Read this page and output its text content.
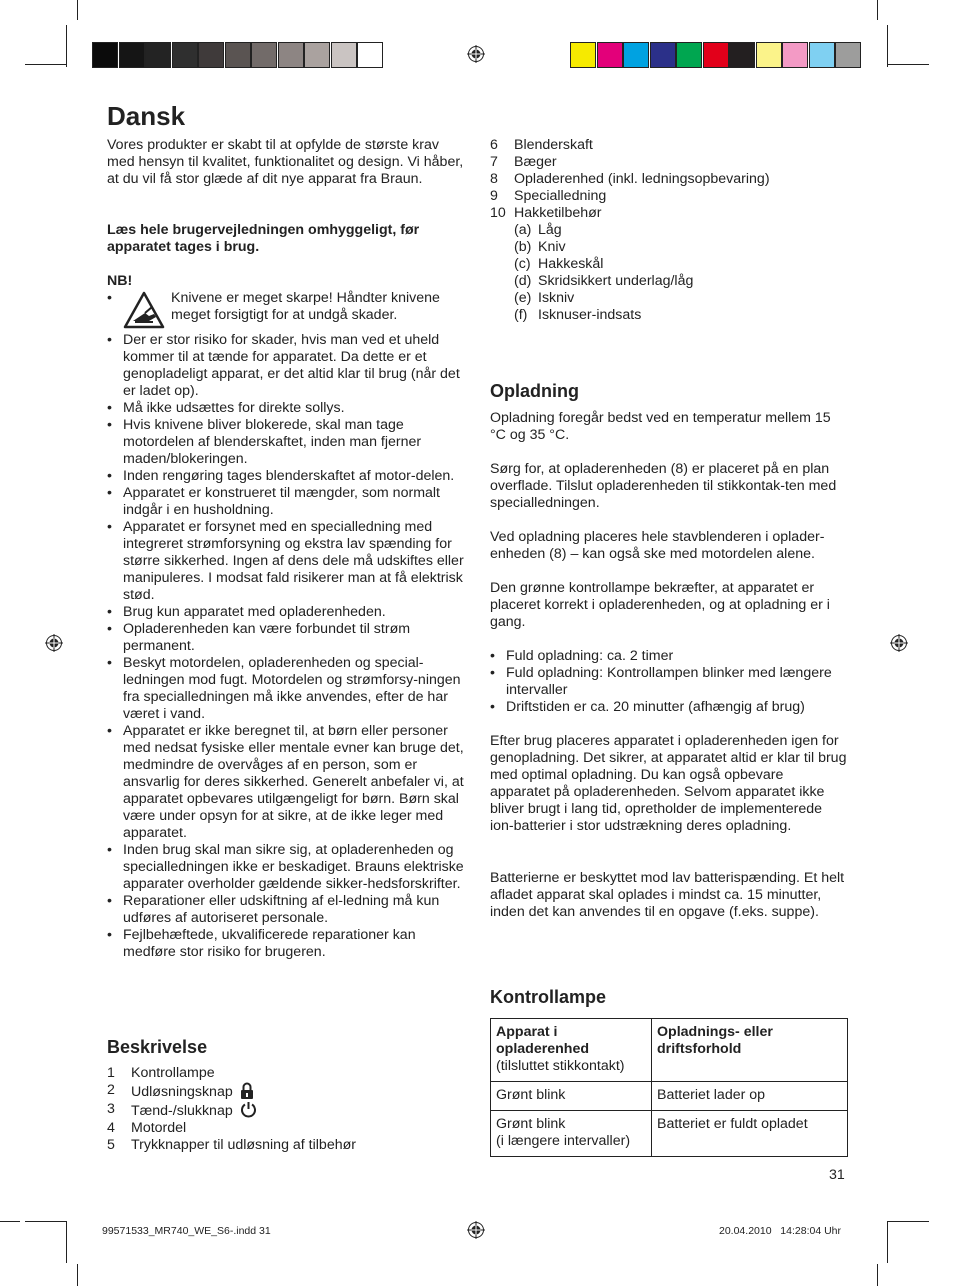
Dansk

Vores produkter er skabt til at opfylde de største krav med hensyn til kvalitet, funktionalitet og design. Vi håber, at du vil få stor glæde af dit nye apparat fra Braun.

Læs hele brugervejledningen omhyggeligt, før apparatet tages i brug.

NB!

•	Knivene er meget skarpe! Håndter knivene meget forsigtigt for at undgå skader.

• Der er stor risiko for skader, hvis man ved et uheld kommer til at tænde for apparatet. Da dette er et genopladeligt apparat, er det altid klar til brug (når det er ladet op).
• Må ikke udsættes for direkte sollys.
• Hvis knivene bliver blokerede, skal man tage motordelen af blenderskaftet, inden man fjerner maden/blokeringen.
• Inden rengøring tages blenderskaftet af motor-delen.
• Apparatet er konstrueret til mængder, som normalt indgår i en husholdning.
• Apparatet er forsynet med en specialledning med integreret strømforsyning og ekstra lav spænding for større sikkerhed. Ingen af dens dele må udskiftes eller manipuleres. I modsat fald risikerer man at få elektrisk stød.
• Brug kun apparatet med opladerenheden.
• Opladerenheden kan være forbundet til strøm permanent.
• Beskyt motordelen, opladerenheden og special-ledningen mod fugt. Motordelen og strømforsy-ningen fra specialledningen må ikke anvendes, efter de har været i vand.
• Apparatet er ikke beregnet til, at børn eller personer med nedsat fysiske eller mentale evner kan bruge det, medmindre de overvåges af en person, som er ansvarlig for deres sikkerhed. Generelt anbefaler vi, at apparatet opbevares utilgængeligt for børn. Børn skal være under opsyn for at sikre, at de ikke leger med apparatet.
• Inden brug skal man sikre sig, at opladerenheden og specialledningen ikke er beskadiget. Brauns elektriske apparater overholder gældende sikker-hedsforskrifter.
• Reparationer eller udskiftning af el-ledning må kun udføres af autoriseret personale.
• Fejlbehæftede, ukvalificerede reparationer kan medføre stor risiko for brugeren.
Beskrivelse
1 Kontrollampe
2 Udløsningsknap
3 Tænd-/slukknap
4 Motordel
5 Trykknapper til udløsning af tilbehør
6 Blenderskaft
7 Bæger
8 Opladerenhed (inkl. ledningsopbevaring)
9 Specialledning
10 Hakketilbehør
(a) Låg
(b) Kniv
(c) Hakkeskål
(d) Skridsikkert underlag/låg
(e) Iskniv
(f) Isknuser-indsats
Opladning

Opladning foregår bedst ved en temperatur mellem 15 °C og 35 °C.

Sørg for, at opladerenheden (8) er placeret på en plan overflade. Tilslut opladerenheden til stikkontak-ten med specialledningen.

Ved opladning placeres hele stavblenderen i oplader-enheden (8) – kan også ske med motordelen alene.

Den grønne kontrollampe bekræfter, at apparatet er placeret korrekt i opladerenheden, og at opladning er i gang.

• Fuld opladning: ca. 2 timer
• Fuld opladning: Kontrollampen blinker med længere intervaller
• Driftstiden er ca. 20 minutter (afhængig af brug)

Efter brug placeres apparatet i opladerenheden igen for genopladning. Det sikrer, at apparatet altid er klar til brug med optimal opladning. Du kan også opbevare apparatet på opladerenheden. Selvom apparatet ikke bliver brugt i lang tid, opretholder de implementerede ion-batterier i stor udstrækning deres opladning.

Batterierne er beskyttet mod lav batterispænding. Et helt afladet apparat skal oplades i mindst ca. 15 minutter, inden det kan anvendes til en opgave (f.eks. suppe).

Kontrollampe
Apparat i opladerenhed
(tilsluttet stikkontakt)	Opladnings- eller driftsforhold
Grønt blink	Batteriet lader op

Grønt blink
(i længere intervaller)	Batteriet er fuldt opladet
31
99571533_MR740_WE_S6-.indd 31	20.04.2010   14:28:04 Uhr
